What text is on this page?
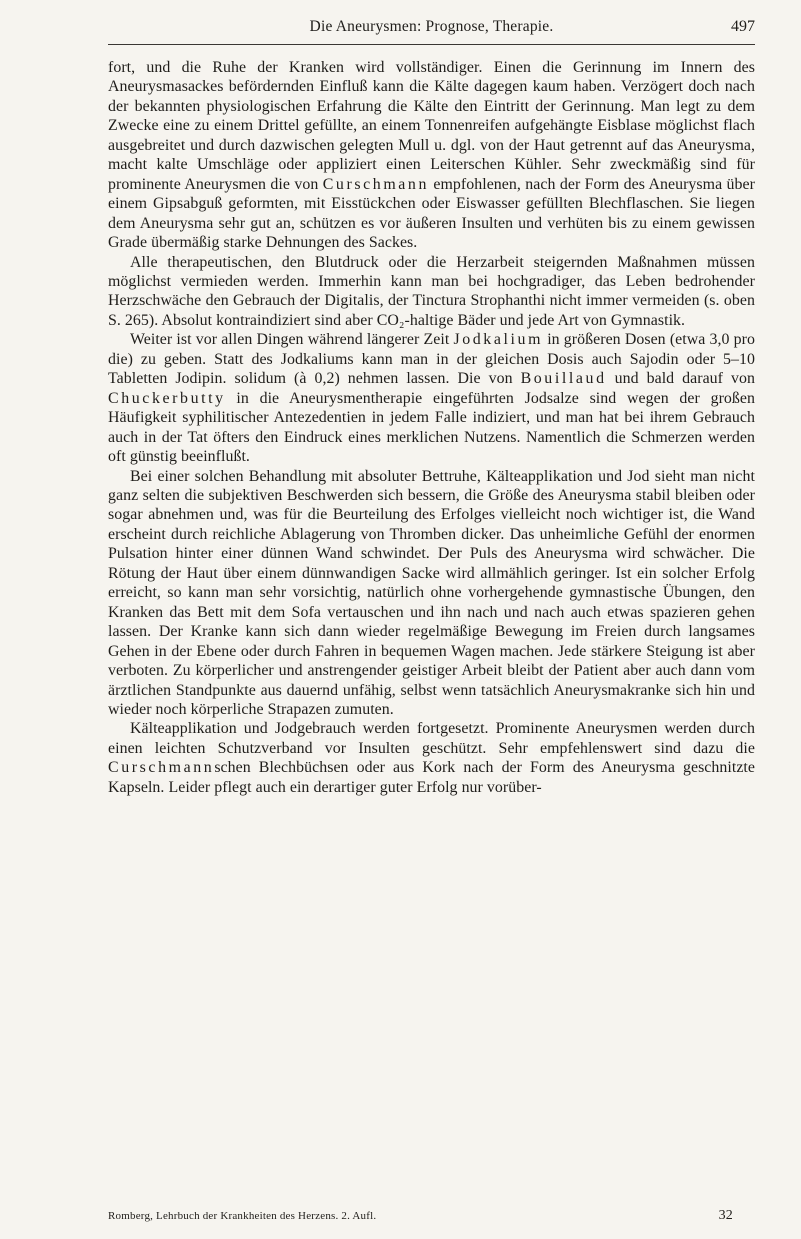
Die Aneurysmen: Prognose, Therapie.	497

fort, und die Ruhe der Kranken wird vollständiger. Einen die Gerinnung im Innern des Aneurysmasackes befördernden Einfluß kann die Kälte dagegen kaum haben. Verzögert doch nach der bekannten physiologischen Erfahrung die Kälte den Eintritt der Gerinnung. Man legt zu dem Zwecke eine zu einem Drittel gefüllte, an einem Tonnenreifen aufgehängte Eisblase möglichst flach ausgebreitet und durch dazwischen gelegten Mull u. dgl. von der Haut getrennt auf das Aneurysma, macht kalte Umschläge oder appliziert einen Leiterschen Kühler. Sehr zweckmäßig sind für prominente Aneurysmen die von Curschmann empfohlenen, nach der Form des Aneurysma über einem Gipsabguß geformten, mit Eisstückchen oder Eiswasser gefüllten Blechflaschen. Sie liegen dem Aneurysma sehr gut an, schützen es vor äußeren Insulten und verhüten bis zu einem gewissen Grade übermäßig starke Dehnungen des Sackes.

Alle therapeutischen, den Blutdruck oder die Herzarbeit steigernden Maßnahmen müssen möglichst vermieden werden. Immerhin kann man bei hochgradiger, das Leben bedrohender Herzschwäche den Gebrauch der Digitalis, der Tinctura Strophanthi nicht immer vermeiden (s. oben S. 265). Absolut kontraindiziert sind aber CO₂-haltige Bäder und jede Art von Gymnastik.

Weiter ist vor allen Dingen während längerer Zeit Jodkalium in größeren Dosen (etwa 3,0 pro die) zu geben. Statt des Jodkaliums kann man in der gleichen Dosis auch Sajodin oder 5–10 Tabletten Jodipin. solidum (à 0,2) nehmen lassen. Die von Bouillaud und bald darauf von Chuckerbutty in die Aneurysmentherapie eingeführten Jodsalze sind wegen der großen Häufigkeit syphilitischer Antezedentien in jedem Falle indiziert, und man hat bei ihrem Gebrauch auch in der Tat öfters den Eindruck eines merklichen Nutzens. Namentlich die Schmerzen werden oft günstig beeinflußt.

Bei einer solchen Behandlung mit absoluter Bettruhe, Kälteapplikation und Jod sieht man nicht ganz selten die subjektiven Beschwerden sich bessern, die Größe des Aneurysma stabil bleiben oder sogar abnehmen und, was für die Beurteilung des Erfolges vielleicht noch wichtiger ist, die Wand erscheint durch reichliche Ablagerung von Thromben dicker. Das unheimliche Gefühl der enormen Pulsation hinter einer dünnen Wand schwindet. Der Puls des Aneurysma wird schwächer. Die Rötung der Haut über einem dünnwandigen Sacke wird allmählich geringer. Ist ein solcher Erfolg erreicht, so kann man sehr vorsichtig, natürlich ohne vorhergehende gymnastische Übungen, den Kranken das Bett mit dem Sofa vertauschen und ihn nach und nach auch etwas spazieren gehen lassen. Der Kranke kann sich dann wieder regelmäßige Bewegung im Freien durch langsames Gehen in der Ebene oder durch Fahren in bequemen Wagen machen. Jede stärkere Steigung ist aber verboten. Zu körperlicher und anstrengender geistiger Arbeit bleibt der Patient aber auch dann vom ärztlichen Standpunkte aus dauernd unfähig, selbst wenn tatsächlich Aneurysmakranke sich hin und wieder noch körperliche Strapazen zumuten.

Kälteapplikation und Jodgebrauch werden fortgesetzt. Prominente Aneurysmen werden durch einen leichten Schutzverband vor Insulten geschützt. Sehr empfehlenswert sind dazu die Curschmannschen Blechbüchsen oder aus Kork nach der Form des Aneurysma geschnitzte Kapseln. Leider pflegt auch ein derartiger guter Erfolg nur vorüber-

Romberg, Lehrbuch der Krankheiten des Herzens. 2. Aufl.	32
